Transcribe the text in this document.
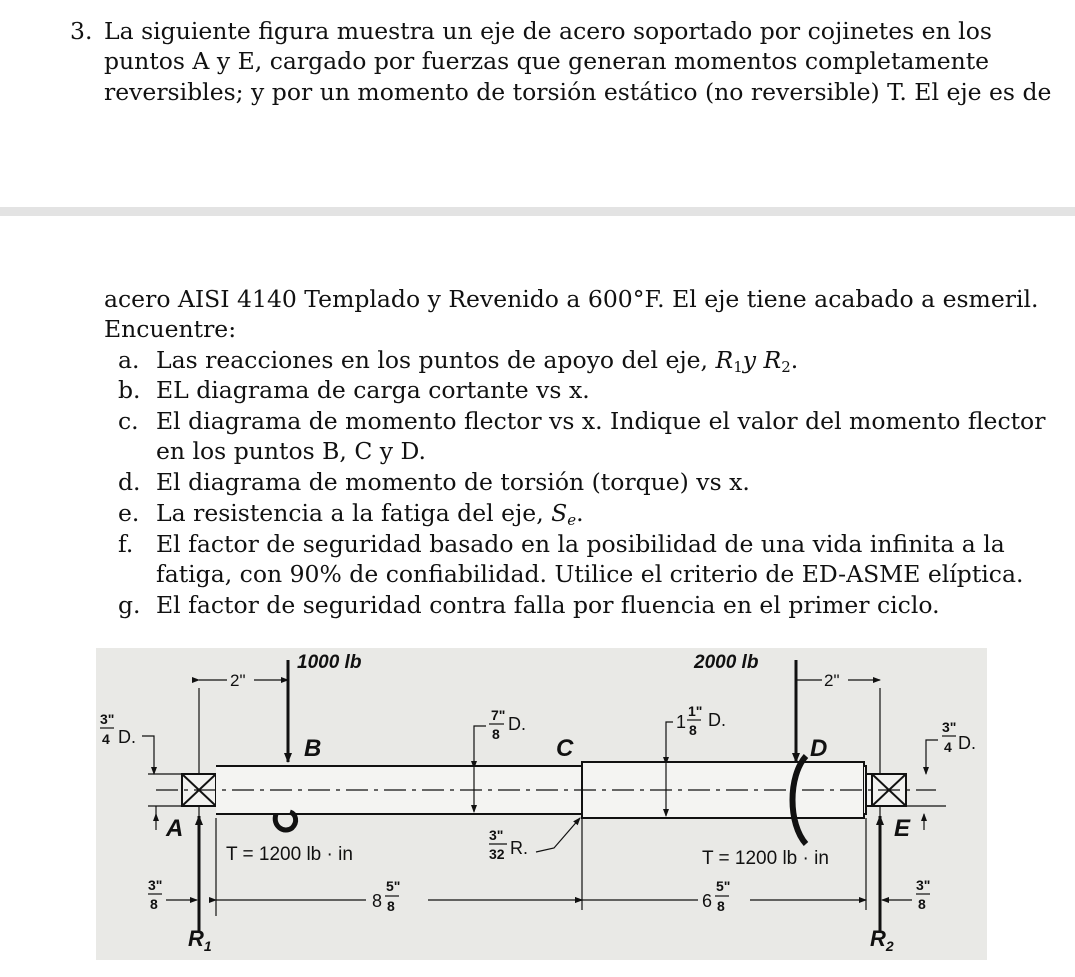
3. La siguiente figura muestra un eje de acero soportado por cojinetes en los
puntos A y E, cargado por fuerzas que generan momentos completamente
reversibles; y por un momento de torsión estático (no reversible) T. El eje es de
acero AISI 4140 Templado y Revenido a 600°F. El eje tiene acabado a esmeril.
Encuentre:
a. Las reacciones en los puntos de apoyo del eje, $R_1y$ $R_2$.
b. EL diagrama de carga cortante vs x.
c. El diagrama de momento flector vs x. Indique el valor del momento flector
en los puntos B, C y D.
d. El diagrama de momento de torsión (torque) vs x.
e. La resistencia a la fatiga del eje, $S_e$.
f. El factor de seguridad basado en la posibilidad de una vida infinita a la
fatiga, con 90% de confiabilidad. Utilice el criterio de ED-ASME elíptica.
g. El factor de seguridad contra falla por fluencia en el primer ciclo.
1000 lb	2000 lb
2"	2"
3"
4 D.	3"
4 D.
7"
8 D.	1
1"
8 D.
B	C	D
A	E
$R_1$	$R_2$
T = 1200 lb · in	T = 1200 lb · in
3"
32 R.
8
5"
8	6
5"
8
3"
8
3"
8
